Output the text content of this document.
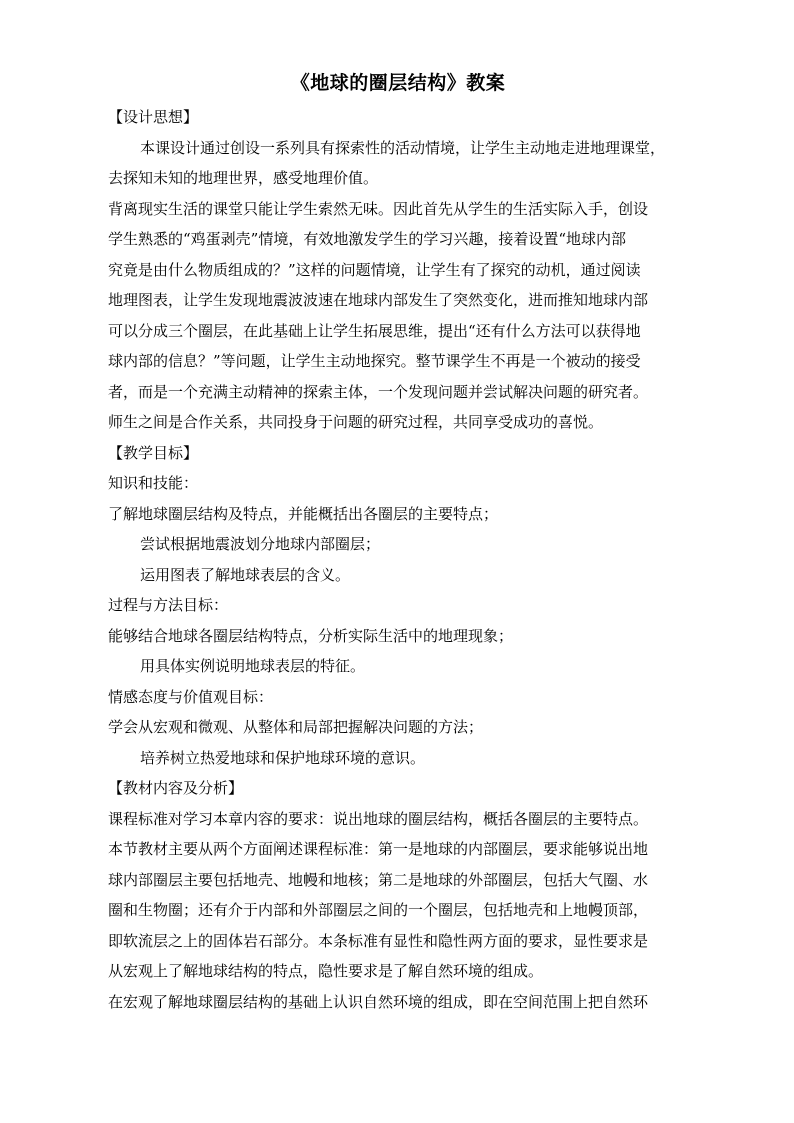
《地球的圈层结构》教案

【设计思想】

本课设计通过创设一系列具有探索性的活动情境，让学生主动地走进地理课堂，

去探知未知的地理世界，感受地理价值。

背离现实生活的课堂只能让学生索然无味。因此首先从学生的生活实际入手，创设

学生熟悉的“鸡蛋剥壳”情境，有效地激发学生的学习兴趣，接着设置“地球内部

究竟是由什么物质组成的？”这样的问题情境，让学生有了探究的动机，通过阅读

地理图表，让学生发现地震波波速在地球内部发生了突然变化，进而推知地球内部

可以分成三个圈层，在此基础上让学生拓展思维，提出“还有什么方法可以获得地

球内部的信息？”等问题，让学生主动地探究。整节课学生不再是一个被动的接受

者，而是一个充满主动精神的探索主体，一个发现问题并尝试解决问题的研究者。

师生之间是合作关系，共同投身于问题的研究过程，共同享受成功的喜悦。

【教学目标】

知识和技能：

了解地球圈层结构及特点，并能概括出各圈层的主要特点；

尝试根据地震波划分地球内部圈层；

运用图表了解地球表层的含义。

过程与方法目标：

能够结合地球各圈层结构特点，分析实际生活中的地理现象；

用具体实例说明地球表层的特征。

情感态度与价值观目标：

学会从宏观和微观、从整体和局部把握解决问题的方法；

培养树立热爱地球和保护地球环境的意识。

【教材内容及分析】

课程标准对学习本章内容的要求：说出地球的圈层结构，概括各圈层的主要特点。

本节教材主要从两个方面阐述课程标准：第一是地球的内部圈层，要求能够说出地

球内部圈层主要包括地壳、地幔和地核；第二是地球的外部圈层，包括大气圈、水

圈和生物圈；还有介于内部和外部圈层之间的一个圈层，包括地壳和上地幔顶部，

即软流层之上的固体岩石部分。本条标准有显性和隐性两方面的要求，显性要求是

从宏观上了解地球结构的特点，隐性要求是了解自然环境的组成。

在宏观了解地球圈层结构的基础上认识自然环境的组成，即在空间范围上把自然环
